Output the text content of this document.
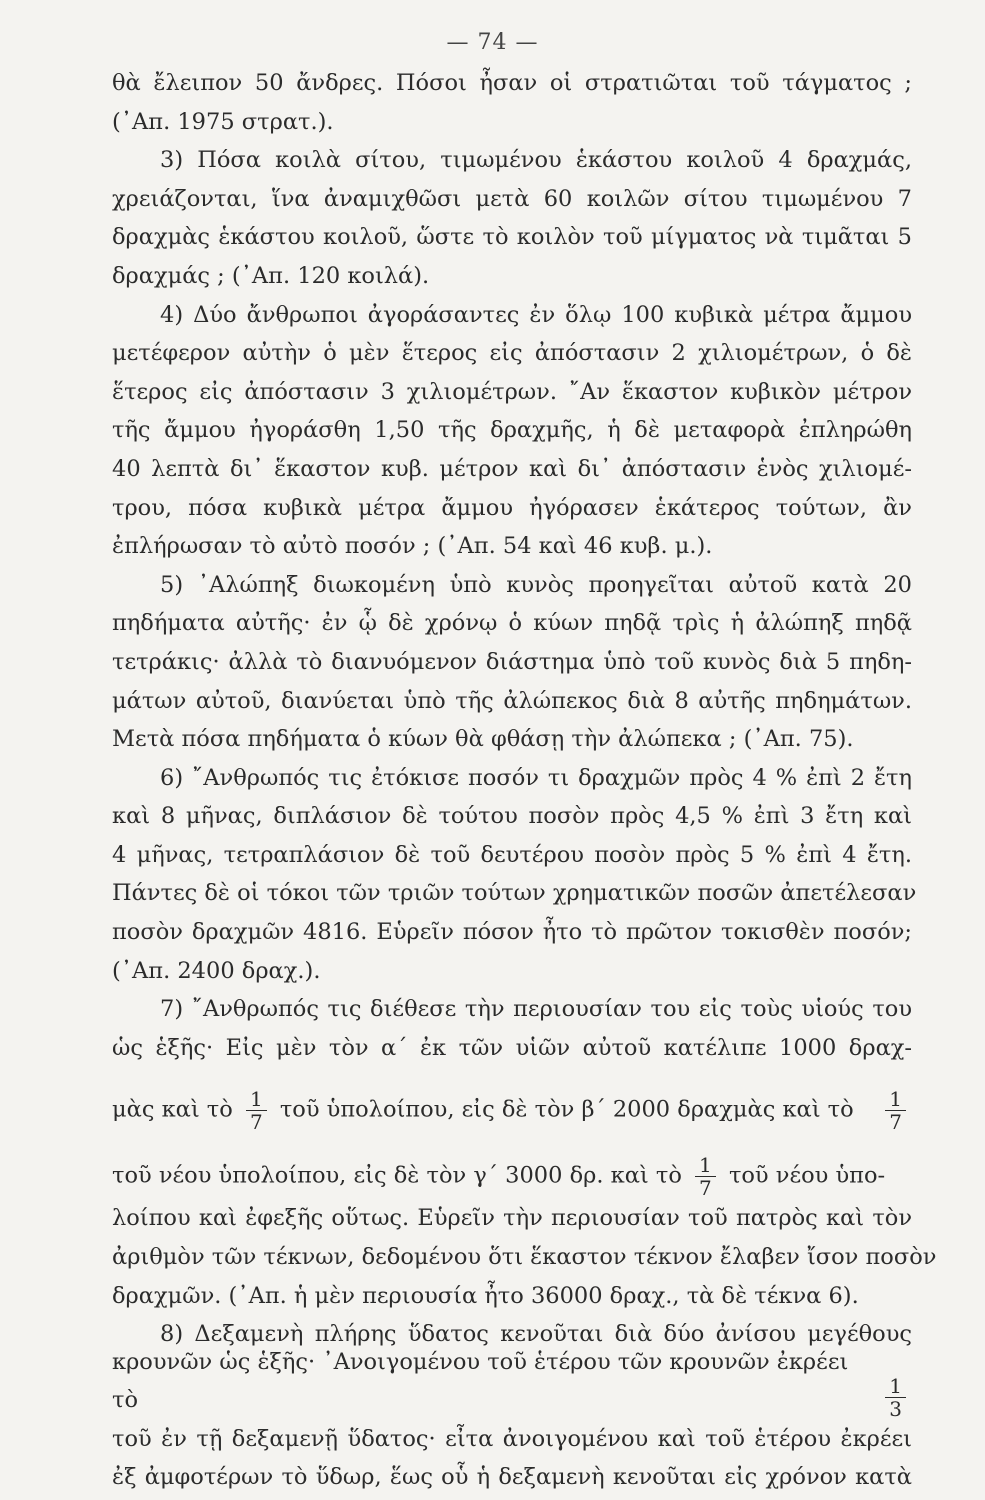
— 74 —
θὰ ἔλειπον 50 ἄνδρες. Πόσοι ἦσαν οἱ στρατιῶται τοῦ τάγματος ;
(᾿Απ. 1975 στρατ.).
3) Πόσα κοιλὰ σίτου, τιμωμένου ἑκάστου κοιλοῦ 4 δραχμάς,
χρειάζονται, ἵνα ἀναμιχθῶσι μετὰ 60 κοιλῶν σίτου τιμωμένου 7
δραχμὰς ἑκάστου κοιλοῦ, ὥστε τὸ κοιλὸν τοῦ μίγματος νὰ τιμᾶται 5
δραχμάς ; (᾿Απ. 120 κοιλά).
4) Δύο ἄνθρωποι ἀγοράσαντες ἐν ὅλῳ 100 κυβικὰ μέτρα ἄμμου
μετέφερον αὐτὴν ὁ μὲν ἕτερος εἰς ἀπόστασιν 2 χιλιομέτρων, ὁ δὲ
ἕτερος εἰς ἀπόστασιν 3 χιλιομέτρων. ῎Αν ἕκαστον κυβικὸν μέτρον
τῆς ἄμμου ἠγοράσθη 1,50 τῆς δραχμῆς, ἡ δὲ μεταφορὰ ἐπληρώθη
40 λεπτὰ δι᾿ ἕκαστον κυβ. μέτρον καὶ δι᾿ ἀπόστασιν ἑνὸς χιλιομέ-
τρου, πόσα κυβικὰ μέτρα ἄμμου ἠγόρασεν ἑκάτερος τούτων, ἂν
ἐπλήρωσαν τὸ αὐτὸ ποσόν ; (᾿Απ. 54 καὶ 46 κυβ. μ.).
5) ᾿Αλώπηξ διωκομένη ὑπὸ κυνὸς προηγεῖται αὐτοῦ κατὰ 20
πηδήματα αὐτῆς· ἐν ᾧ δὲ χρόνῳ ὁ κύων πηδᾷ τρὶς ἡ ἀλώπηξ πηδᾷ
τετράκις· ἀλλὰ τὸ διανυόμενον διάστημα ὑπὸ τοῦ κυνὸς διὰ 5 πηδη-
μάτων αὐτοῦ, διανύεται ὑπὸ τῆς ἀλώπεκος διὰ 8 αὐτῆς πηδημάτων.
Μετὰ πόσα πηδήματα ὁ κύων θὰ φθάσῃ τὴν ἀλώπεκα ; (᾿Απ. 75).
6) ῎Ανθρωπός τις ἐτόκισε ποσόν τι δραχμῶν πρὸς 4 % ἐπὶ 2 ἔτη
καὶ 8 μῆνας, διπλάσιον δὲ τούτου ποσὸν πρὸς 4,5 % ἐπὶ 3 ἔτη καὶ
4 μῆνας, τετραπλάσιον δὲ τοῦ δευτέρου ποσὸν πρὸς 5 % ἐπὶ 4 ἔτη.
Πάντες δὲ οἱ τόκοι τῶν τριῶν τούτων χρηματικῶν ποσῶν ἀπετέλεσαν
ποσὸν δραχμῶν 4816. Εὑρεῖν πόσον ἦτο τὸ πρῶτον τοκισθὲν ποσόν;
(᾿Απ. 2400 δραχ.).
7) ῎Ανθρωπός τις διέθεσε τὴν περιουσίαν του εἰς τοὺς υἱούς του
ὡς ἑξῆς· Εἰς μὲν τὸν α΄ ἐκ τῶν υἱῶν αὐτοῦ κατέλιπε 1000 δραχ-
μὰς καὶ τὸ $\frac{1}{7}$ τοῦ ὑπολοίπου, εἰς δὲ τὸν β΄ 2000 δραχμὰς καὶ τὸ $\frac{1}{7}$
τοῦ νέου ὑπολοίπου, εἰς δὲ τὸν γ΄ 3000 δρ. καὶ τὸ $\frac{1}{7}$ τοῦ νέου ὑπο-
λοίπου καὶ ἐφεξῆς οὕτως. Εὑρεῖν τὴν περιουσίαν τοῦ πατρὸς καὶ τὸν
ἀριθμὸν τῶν τέκνων, δεδομένου ὅτι ἕκαστον τέκνον ἔλαβεν ἴσον ποσὸν
δραχμῶν. (᾿Απ. ἡ μὲν περιουσία ἦτο 36000 δραχ., τὰ δὲ τέκνα 6).
8) Δεξαμενὴ πλήρης ὕδατος κενοῦται διὰ δύο ἀνίσου μεγέθους
κρουνῶν ὡς ἑξῆς· ᾿Ανοιγομένου τοῦ ἑτέρου τῶν κρουνῶν ἐκρέει τὸ	$\frac{1}{3}$
τοῦ ἐν τῇ δεξαμενῇ ὕδατος· εἶτα ἀνοιγομένου καὶ τοῦ ἑτέρου ἐκρέει
ἐξ ἀμφοτέρων τὸ ὕδωρ, ἕως οὗ ἡ δεξαμενὴ κενοῦται εἰς χρόνον κατὰ
